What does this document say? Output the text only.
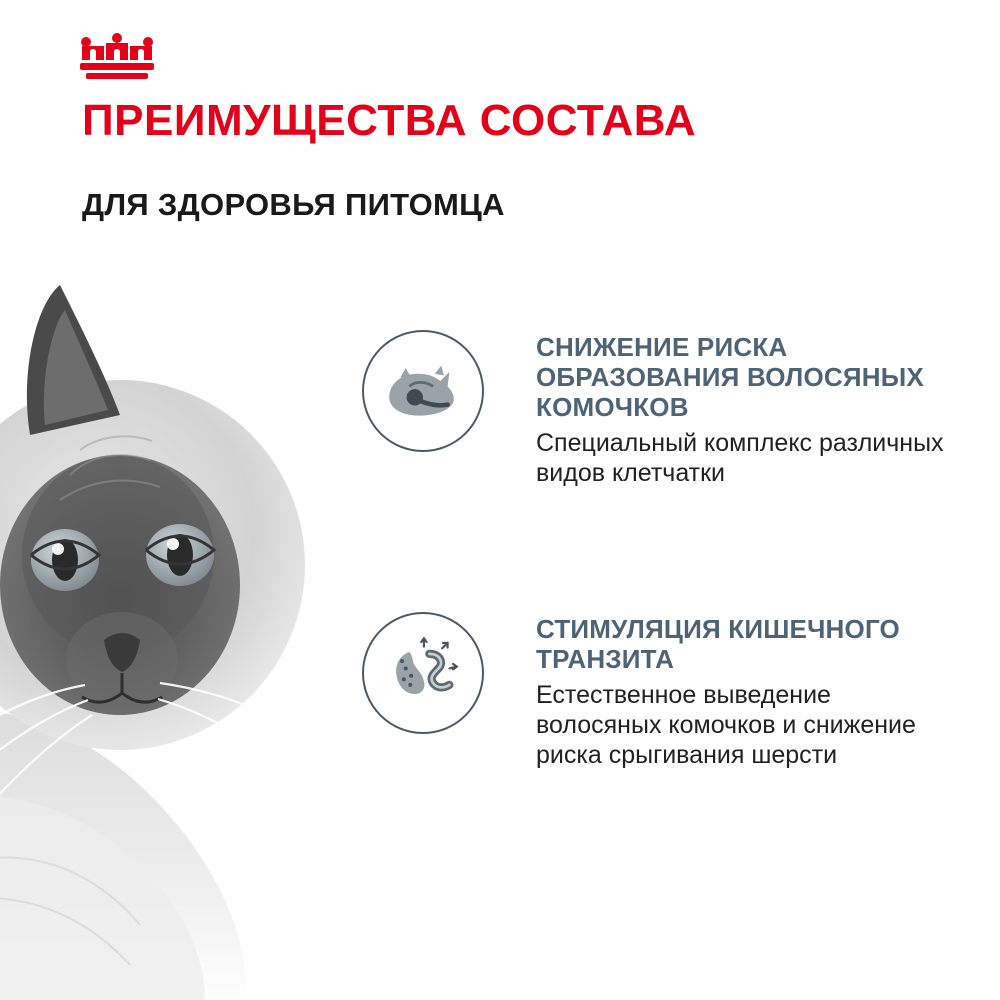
ПРЕИМУЩЕСТВА СОСТАВА
ДЛЯ ЗДОРОВЬЯ ПИТОМЦА
СНИЖЕНИЕ РИСКА ОБРАЗОВАНИЯ ВОЛОСЯНЫХ КОМОЧКОВ
Специальный комплекс различных видов клетчатки
СТИМУЛЯЦИЯ КИШЕЧНОГО ТРАНЗИТА
Естественное выведение волосяных комочков и снижение риска срыгивания шерсти
